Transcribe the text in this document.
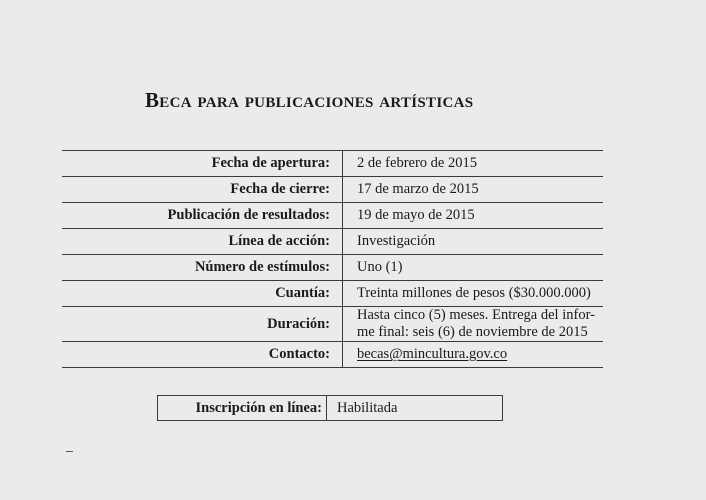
Beca para publicaciones artísticas
Fecha de apertura:	2 de febrero de 2015

Fecha de cierre:	17 de marzo de 2015

Publicación de resultados:	19 de mayo de 2015

Línea de acción:	Investigación

Número de estímulos:	Uno (1)

Cuantía:	Treinta millones de pesos ($30.000.000)

Duración:	Hasta cinco (5) meses. Entrega del infor-
me final: seis (6) de noviembre de 2015

Contacto:	becas@mincultura.gov.co
Inscripción en línea:	Habilitada
